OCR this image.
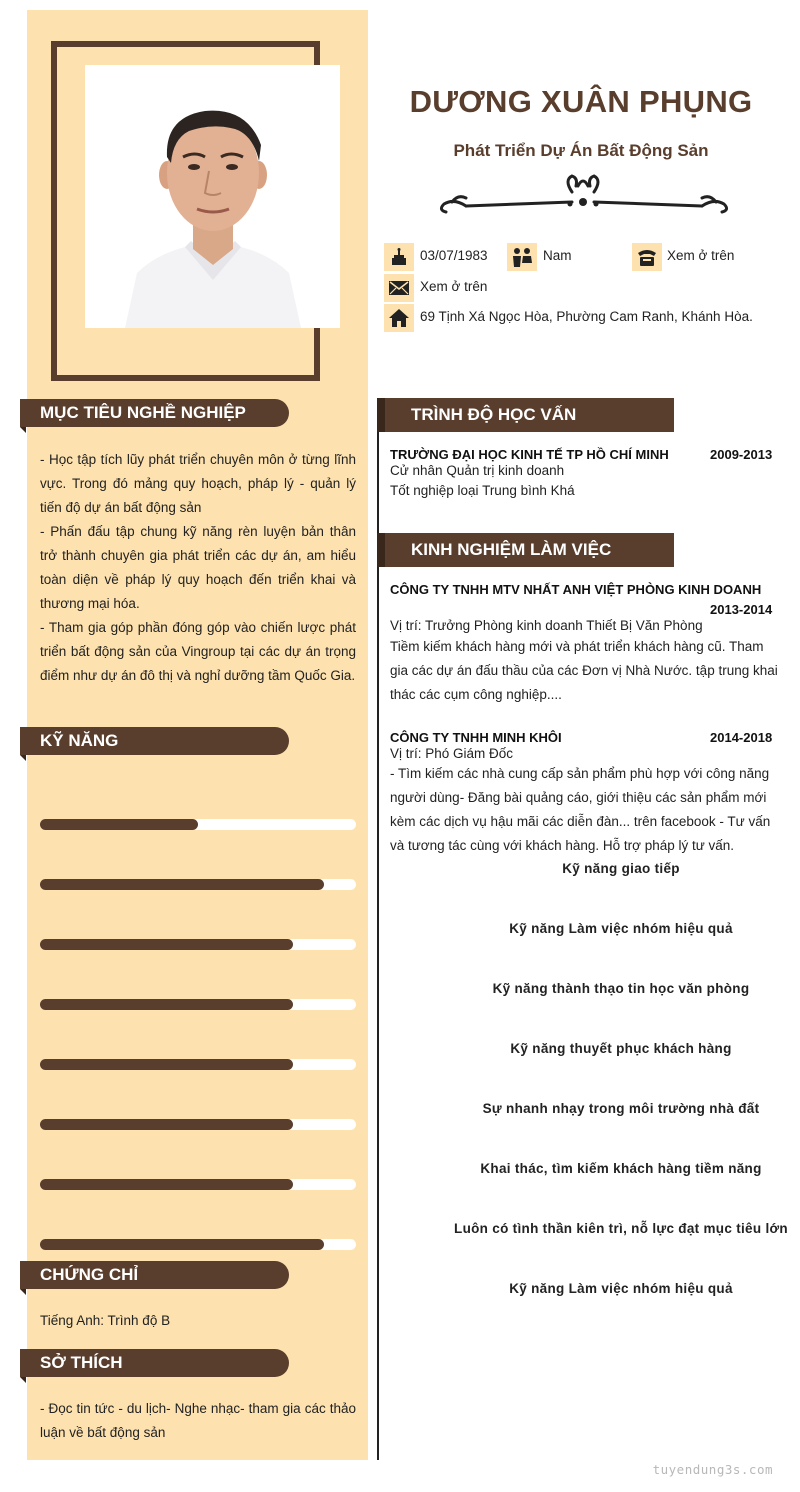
MỤC TIÊU NGHỀ NGHIỆP
- Học tập tích lũy phát triển chuyên môn ở từng lĩnh vực. Trong đó mảng quy hoạch, pháp lý - quản lý tiến độ dự án bất động sản
- Phấn đấu tập chung kỹ năng rèn luyện bản thân trở thành chuyên gia phát triển các dự án, am hiểu toàn diện về pháp lý quy hoạch đến triển khai và thương mại hóa.
- Tham gia góp phần đóng góp vào chiến lược phát triển bất động sản của Vingroup tại các dự án trọng điểm như dự án đô thị và nghỉ dưỡng tầm Quốc Gia.
KỸ NĂNG
Kỹ năng giao tiếp
Kỹ năng Làm việc nhóm hiệu quả
Kỹ năng thành thạo tin học văn phòng
Kỹ năng thuyết phục khách hàng
Sự nhanh nhạy trong môi trường nhà đất
Khai thác, tìm kiếm khách hàng tiềm năng
Luôn có tình thần kiên trì, nỗ lực đạt mục tiêu lớn
Kỹ năng Làm việc nhóm hiệu quả
CHỨNG CHỈ
Tiếng Anh: Trình độ B
SỞ THÍCH
- Đọc tin tức - du lịch- Nghe nhạc- tham gia các thảo luận về bất động sản
DƯƠNG XUÂN PHỤNG
Phát Triển Dự Án Bất Động Sản
03/07/1983	Nam	Xem ở trên
Xem ở trên
69 Tịnh Xá Ngọc Hòa, Phường Cam Ranh, Khánh Hòa.
TRÌNH ĐỘ HỌC VẤN
TRƯỜNG ĐẠI HỌC KINH TẾ TP HỒ CHÍ MINH	2009-2013
Cử nhân Quản trị kinh doanh
Tốt nghiệp loại Trung bình Khá
KINH NGHIỆM LÀM VIỆC
CÔNG TY TNHH MTV NHẤT ANH VIỆT PHÒNG KINH DOANH
2013-2014
Vị trí: Trưởng Phòng kinh doanh Thiết Bị Văn Phòng
Tiềm kiếm khách hàng mới và phát triển khách hàng cũ. Tham gia các dự án đấu thầu của các Đơn vị Nhà Nước. tập trung khai thác các cụm công nghiệp....
CÔNG TY TNHH MINH KHÔI	2014-2018
Vị trí: Phó Giám Đốc
- Tìm kiếm các nhà cung cấp sản phẩm phù hợp với công năng người dùng- Đăng bài quảng cáo, giới thiệu các sản phẩm mới kèm các dịch vụ hậu mãi các diễn đàn... trên facebook - Tư vấn và tương tác cùng với khách hàng. Hỗ trợ pháp lý tư vấn.
tuyendung3s.com
